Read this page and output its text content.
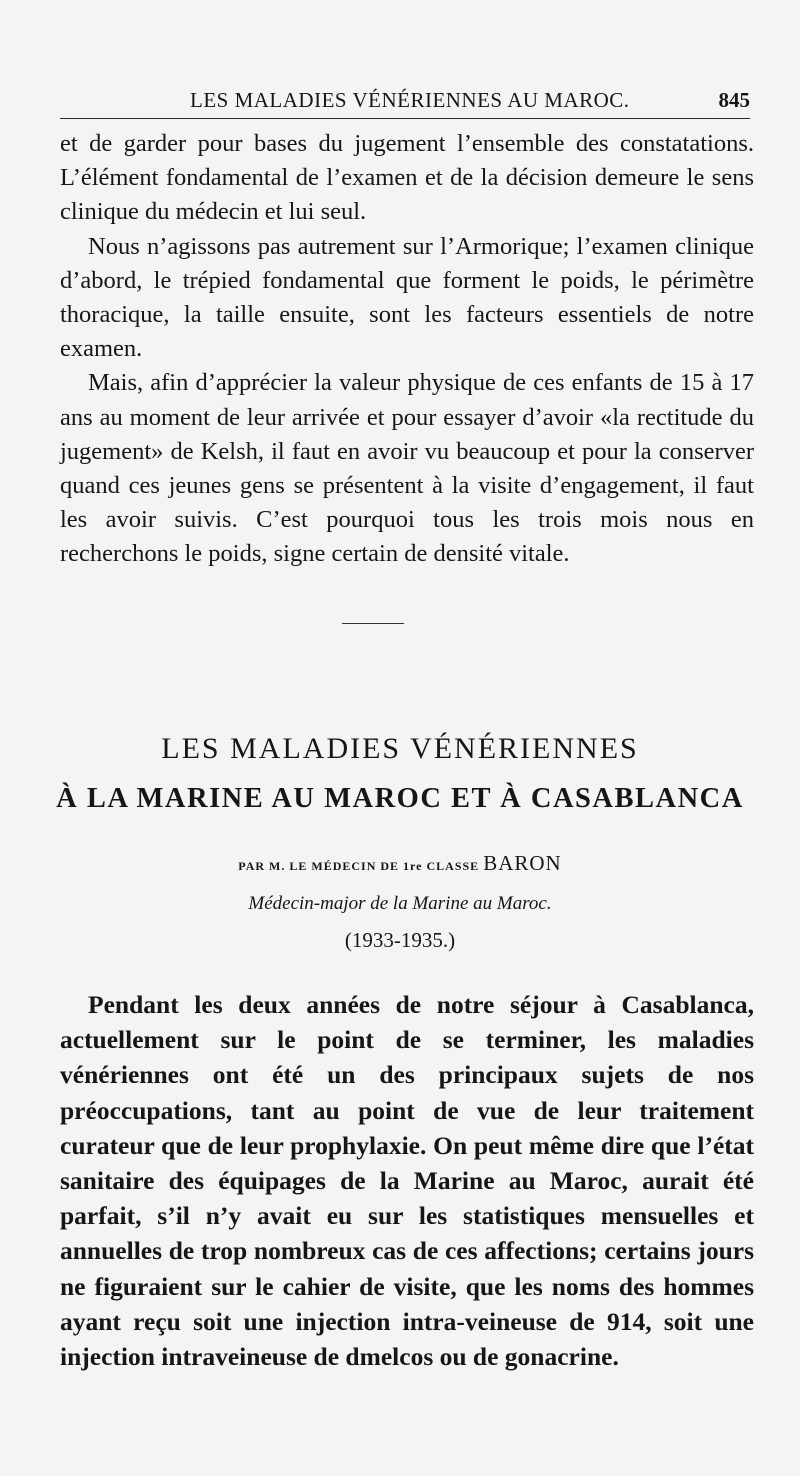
LES MALADIES VÉNÉRIENNES AU MAROC.	845

et de garder pour bases du jugement l’ensemble des constatations. L’élément fondamental de l’examen et de la décision demeure le sens clinique du médecin et lui seul.

Nous n’agissons pas autrement sur l’Armorique; l’examen clinique d’abord, le trépied fondamental que forment le poids, le périmètre thoracique, la taille ensuite, sont les facteurs essentiels de notre examen.

Mais, afin d’apprécier la valeur physique de ces enfants de 15 à 17 ans au moment de leur arrivée et pour essayer d’avoir «la rectitude du jugement» de Kelsh, il faut en avoir vu beaucoup et pour la conserver quand ces jeunes gens se présentent à la visite d’engagement, il faut les avoir suivis. C’est pourquoi tous les trois mois nous en recherchons le poids, signe certain de densité vitale.

LES MALADIES VÉNÉRIENNES
À LA MARINE AU MAROC ET À CASABLANCA
PAR M. LE MÉDECIN DE 1re CLASSE BARON
Médecin-major de la Marine au Maroc.
(1933-1935.)

Pendant les deux années de notre séjour à Casablanca, actuellement sur le point de se terminer, les maladies vénériennes ont été un des principaux sujets de nos préoccupations, tant au point de vue de leur traitement curateur que de leur prophylaxie. On peut même dire que l’état sanitaire des équipages de la Marine au Maroc, aurait été parfait, s’il n’y avait eu sur les statistiques mensuelles et annuelles de trop nombreux cas de ces affections; certains jours ne figuraient sur le cahier de visite, que les noms des hommes ayant reçu soit une injection intra-veineuse de 914, soit une injection intraveineuse de dmelcos ou de gonacrine.
